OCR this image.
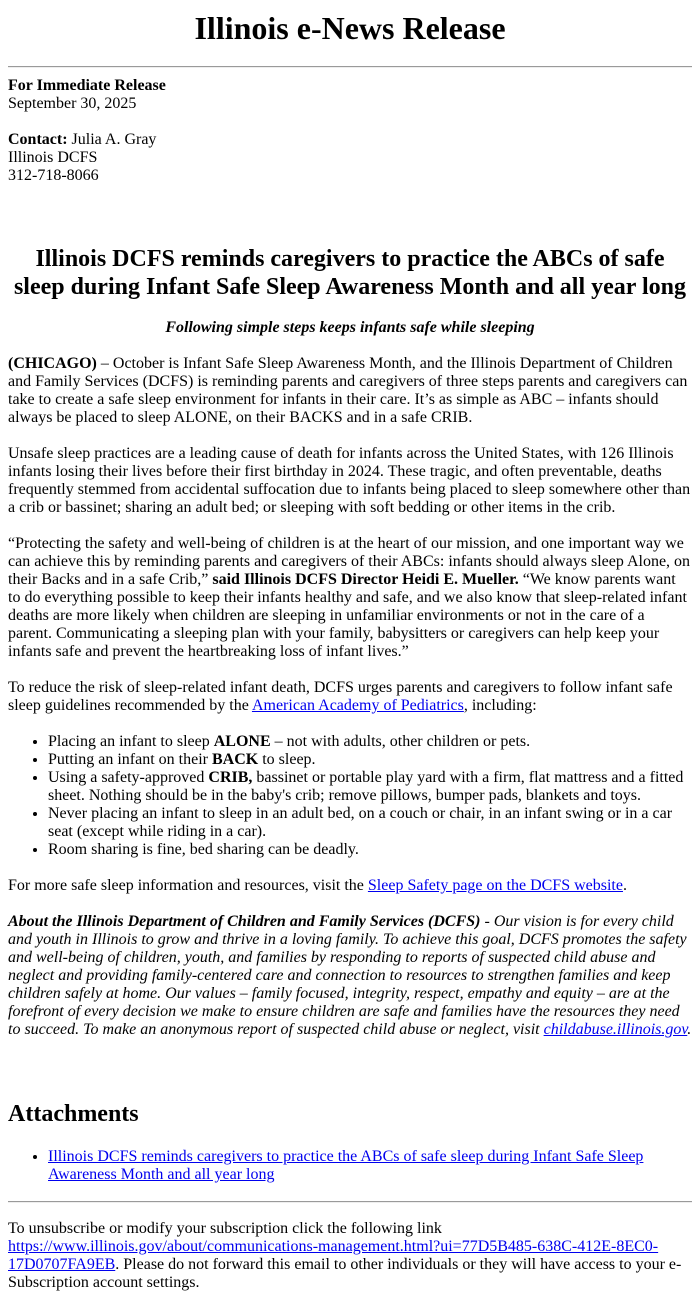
Illinois e-News Release

For Immediate Release

September 30, 2025

Contact: Julia A. Gray

Illinois DCFS

312-718-8066

Illinois DCFS reminds caregivers to practice the ABCs of safe sleep during Infant Safe Sleep Awareness Month and all year long

Following simple steps keeps infants safe while sleeping

(CHICAGO) – October is Infant Safe Sleep Awareness Month, and the Illinois Department of Children and Family Services (DCFS) is reminding parents and caregivers of three steps parents and caregivers can take to create a safe sleep environment for infants in their care. It’s as simple as ABC – infants should always be placed to sleep ALONE, on their BACKS and in a safe CRIB.

Unsafe sleep practices are a leading cause of death for infants across the United States, with 126 Illinois infants losing their lives before their first birthday in 2024. These tragic, and often preventable, deaths frequently stemmed from accidental suffocation due to infants being placed to sleep somewhere other than a crib or bassinet; sharing an adult bed; or sleeping with soft bedding or other items in the crib.

“Protecting the safety and well-being of children is at the heart of our mission, and one important way we can achieve this by reminding parents and caregivers of their ABCs: infants should always sleep Alone, on their Backs and in a safe Crib,” said Illinois DCFS Director Heidi E. Mueller. “We know parents want to do everything possible to keep their infants healthy and safe, and we also know that sleep-related infant deaths are more likely when children are sleeping in unfamiliar environments or not in the care of a parent. Communicating a sleeping plan with your family, babysitters or caregivers can help keep your infants safe and prevent the heartbreaking loss of infant lives.”

To reduce the risk of sleep-related infant death, DCFS urges parents and caregivers to follow infant safe sleep guidelines recommended by the American Academy of Pediatrics, including:

• Placing an infant to sleep ALONE – not with adults, other children or pets.
• Putting an infant on their BACK to sleep.
• Using a safety-approved CRIB, bassinet or portable play yard with a firm, flat mattress and a fitted sheet. Nothing should be in the baby's crib; remove pillows, bumper pads, blankets and toys.
• Never placing an infant to sleep in an adult bed, on a couch or chair, in an infant swing or in a car seat (except while riding in a car).
• Room sharing is fine, bed sharing can be deadly.

For more safe sleep information and resources, visit the Sleep Safety page on the DCFS website.

About the Illinois Department of Children and Family Services (DCFS) - Our vision is for every child and youth in Illinois to grow and thrive in a loving family. To achieve this goal, DCFS promotes the safety and well-being of children, youth, and families by responding to reports of suspected child abuse and neglect and providing family-centered care and connection to resources to strengthen families and keep children safely at home. Our values – family focused, integrity, respect, empathy and equity – are at the forefront of every decision we make to ensure children are safe and families have the resources they need to succeed. To make an anonymous report of suspected child abuse or neglect, visit childabuse.illinois.gov.

Attachments
• Illinois DCFS reminds caregivers to practice the ABCs of safe sleep during Infant Safe Sleep Awareness Month and all year long

To unsubscribe or modify your subscription click the following link https://www.illinois.gov/about/communications-management.html?ui=77D5B485-638C-412E-8EC0-17D0707FA9EB. Please do not forward this email to other individuals or they will have access to your e-Subscription account settings.
